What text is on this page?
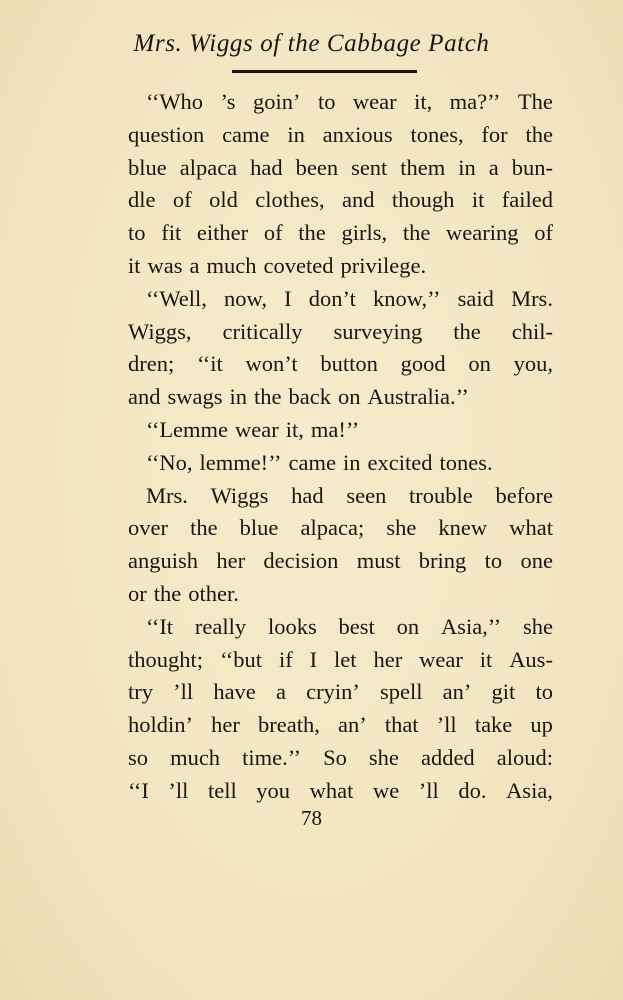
Mrs. Wiggs of the Cabbage Patch
‘‘Who ’s goin’ to wear it, ma?’’ The
question came in anxious tones, for the
blue alpaca had been sent them in a bun-
dle of old clothes, and though it failed
to fit either of the girls, the wearing of
it was a much coveted privilege.
‘‘Well, now, I don’t know,’’ said Mrs.
Wiggs, critically surveying the chil-
dren; ‘‘it won’t button good on you,
and swags in the back on Australia.’’
‘‘Lemme wear it, ma!’’
‘‘No, lemme!’’ came in excited tones.
Mrs. Wiggs had seen trouble before
over the blue alpaca; she knew what
anguish her decision must bring to one
or the other.
‘‘It really looks best on Asia,’’ she
thought; ‘‘but if I let her wear it Aus-
try ’ll have a cryin’ spell an’ git to
holdin’ her breath, an’ that ’ll take up
so much time.’’ So she added aloud:
‘‘I ’ll tell you what we ’ll do. Asia,
78
